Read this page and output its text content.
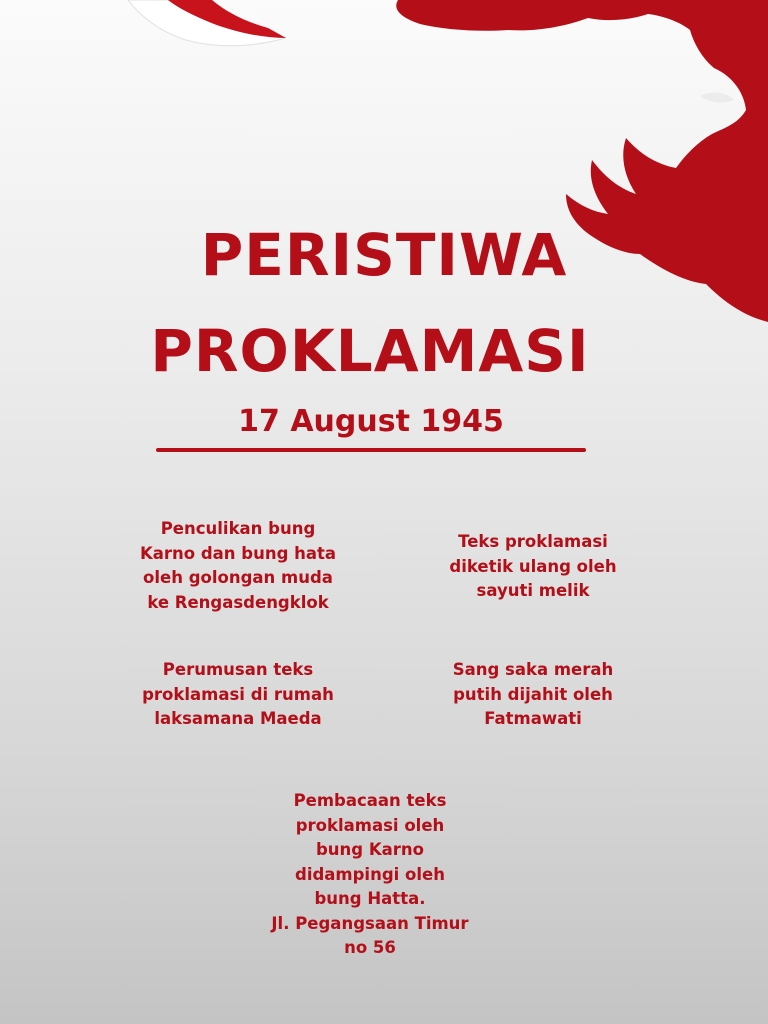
PERISTIWA
PROKLAMASI
17 August 1945
Penculikan bung
Karno dan bung hata
oleh golongan muda
ke Rengasdengklok
Teks proklamasi
diketik ulang oleh
sayuti melik
Perumusan teks
proklamasi di rumah
laksamana Maeda
Sang saka merah
putih dijahit oleh
Fatmawati
Pembacaan teks
proklamasi oleh
bung Karno
didampingi oleh
bung Hatta.
Jl. Pegangsaan Timur
no 56
